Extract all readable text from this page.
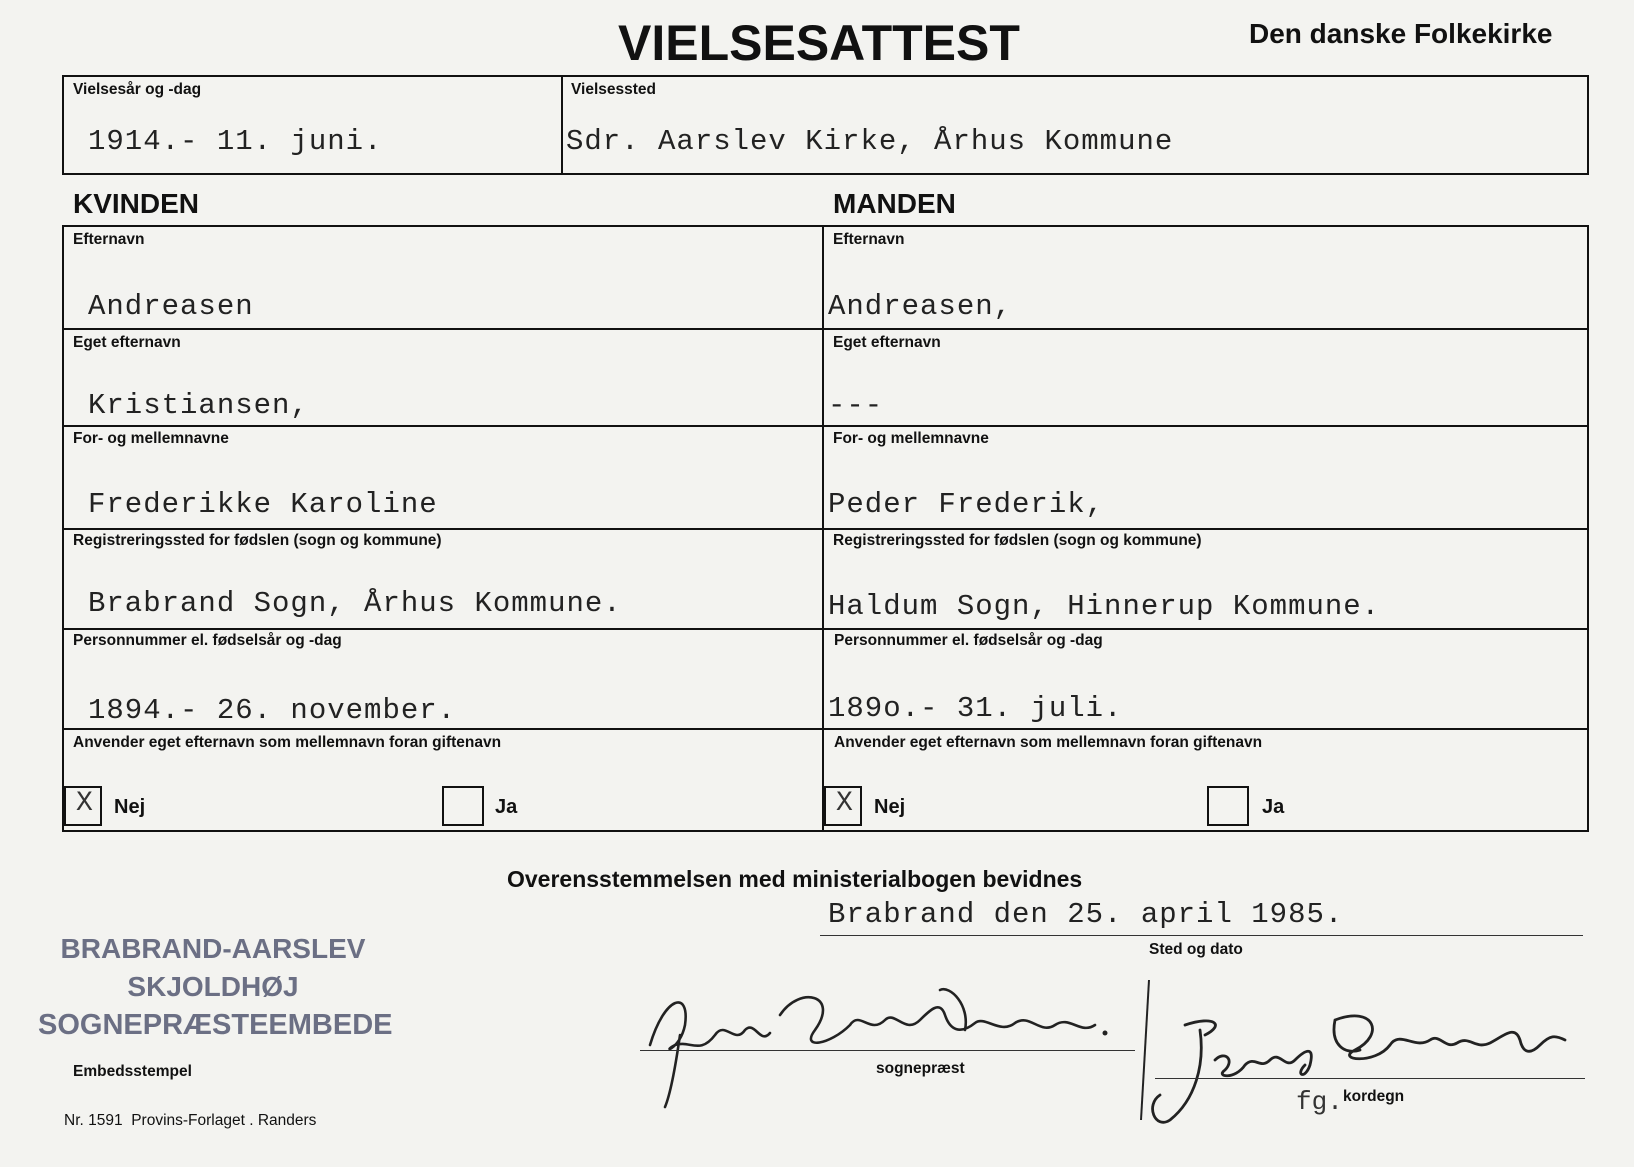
VIELSESATTEST	Den danske Folkekirke
Vielsesår og -dag
1914.- 11. juni.
Vielsessted
Sdr. Aarslev Kirke, Århus Kommune
KVINDEN	MANDEN
Efternavn
Andreasen
Eget efternavn
Kristiansen,
For- og mellemnavne
Frederikke Karoline
Registreringssted for fødslen (sogn og kommune)
Brabrand Sogn, Århus Kommune.
Personnummer el. fødselsår og -dag
1894.- 26. november.
Anvender eget efternavn som mellemnavn foran giftenavn
X Nej	Ja
Efternavn
Andreasen,
Eget efternavn
---
For- og mellemnavne
Peder Frederik,
Registreringssted for fødslen (sogn og kommune)
Haldum Sogn, Hinnerup Kommune.
Personnummer el. fødselsår og -dag
189o.- 31. juli.
Anvender eget efternavn som mellemnavn foran giftenavn
X Nej	Ja
Overensstemmelsen med ministerialbogen bevidnes
Brabrand den 25. april 1985.
Sted og dato
BRABRAND-AARSLEV
SKJOLDHØJ
SOGNEPRÆSTEEMBEDE
Embedsstempel	sognepræst
fg. kordegn
Nr. 1591  Provins-Forlaget . Randers
